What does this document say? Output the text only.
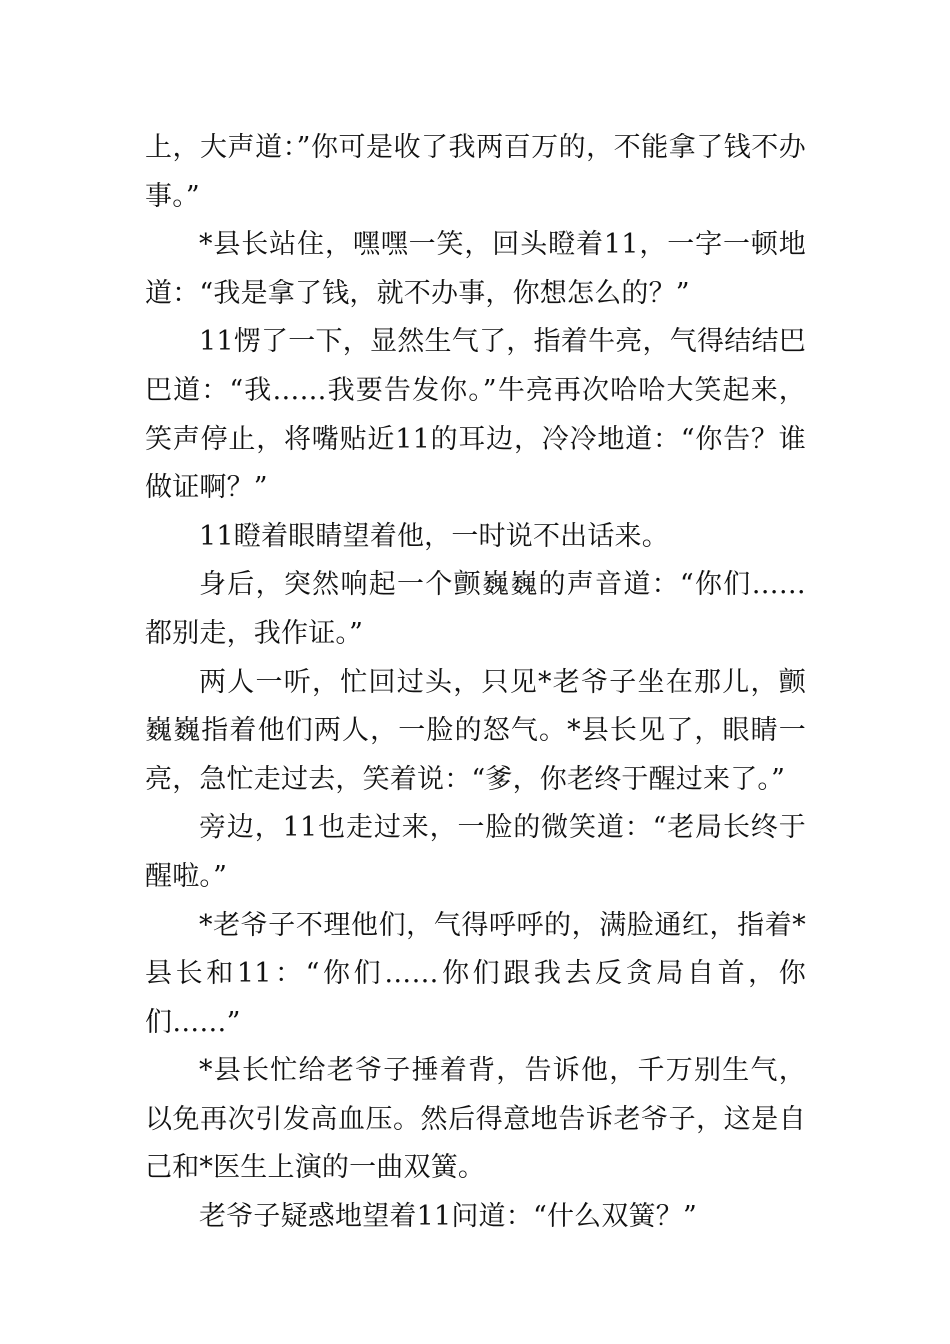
上，大声道：”你可是收了我两百万的，不能拿了钱不办事。”

*县长站住，嘿嘿一笑，回头瞪着11，一字一顿地道：“我是拿了钱，就不办事，你想怎么的？”

11愣了一下，显然生气了，指着牛亮，气得结结巴巴道：“我……我要告发你。”牛亮再次哈哈大笑起来，笑声停止，将嘴贴近11的耳边，冷冷地道：“你告？谁做证啊？”

11瞪着眼睛望着他，一时说不出话来。

身后，突然响起一个颤巍巍的声音道：“你们……都别走，我作证。”

两人一听，忙回过头，只见*老爷子坐在那儿，颤巍巍指着他们两人，一脸的怒气。*县长见了，眼睛一亮，急忙走过去，笑着说：“爹，你老终于醒过来了。”

旁边，11也走过来，一脸的微笑道：“老局长终于醒啦。”

*老爷子不理他们，气得呼呼的，满脸通红，指着*县长和11：“你们……你们跟我去反贪局自首，你们……”

*县长忙给老爷子捶着背，告诉他，千万别生气，以免再次引发高血压。然后得意地告诉老爷子，这是自己和*医生上演的一曲双簧。

老爷子疑惑地望着11问道：“什么双簧？”
